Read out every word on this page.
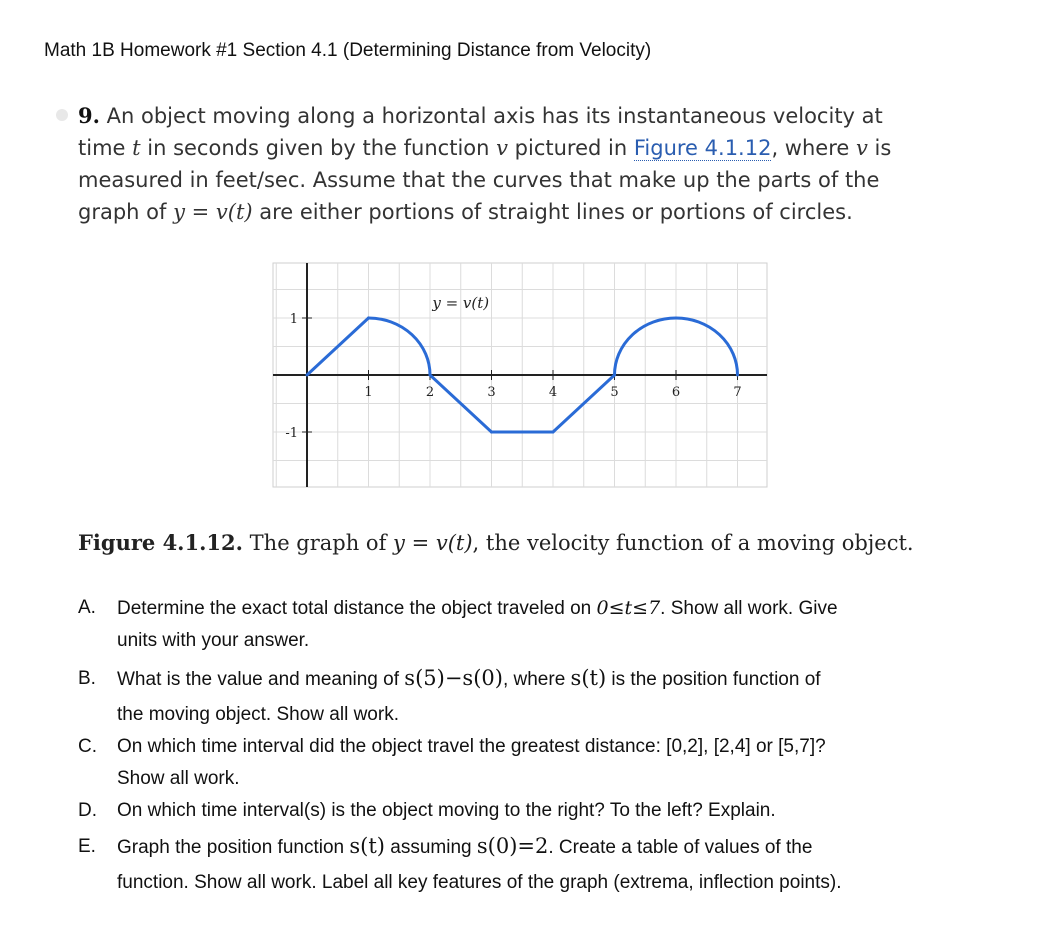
Math 1B Homework #1 Section 4.1 (Determining Distance from Velocity)
9. An object moving along a horizontal axis has its instantaneous velocity at
time t in seconds given by the function v pictured in Figure 4.1.12, where v is
measured in feet/sec. Assume that the curves that make up the parts of the
graph of y = v(t) are either portions of straight lines or portions of circles.
1	2	3	4	5	6	7
1
-1
y = v(t)
Figure 4.1.12. The graph of y = v(t), the velocity function of a moving object.
A. Determine the exact total distance the object traveled on 0≤t≤7. Show all work. Give
units with your answer.
B. What is the value and meaning of s(5)−s(0), where s(t) is the position function of
the moving object. Show all work.
C. On which time interval did the object travel the greatest distance: [0,2], [2,4] or [5,7]?
Show all work.
D. On which time interval(s) is the object moving to the right? To the left? Explain.
E. Graph the position function s(t) assuming s(0)=2. Create a table of values of the
function. Show all work. Label all key features of the graph (extrema, inflection points).
